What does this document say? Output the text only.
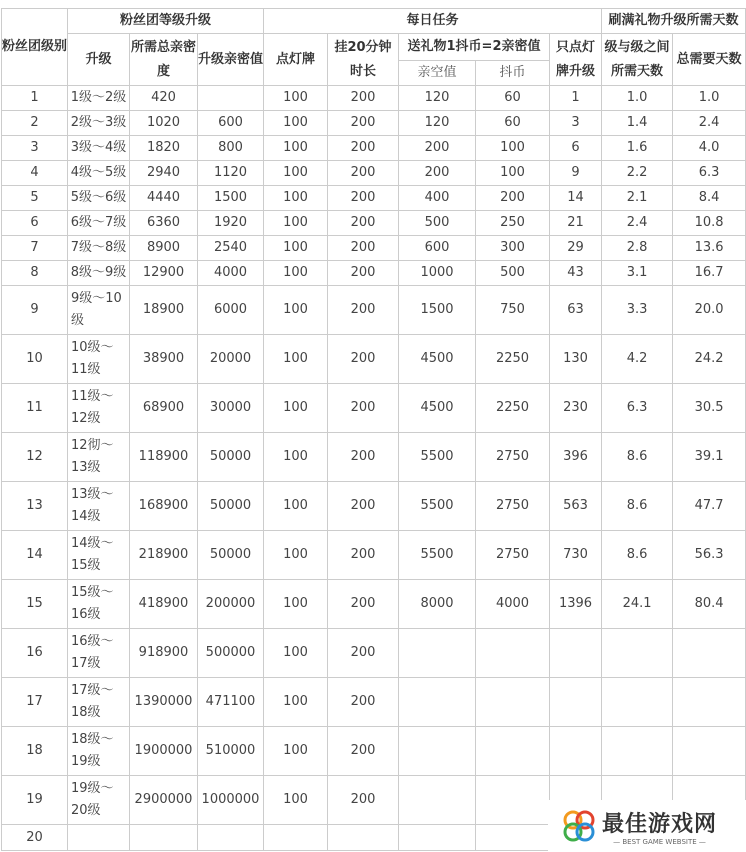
粉丝团级别	粉丝团等级升级			每日任务					刷满礼物升级所需天数	
	升级	所需总亲密度	升级亲密值	点灯牌	挂20分钟时长	送礼物1抖币=2亲密值		只点灯牌升级	级与级之间所需天数	总需要天数
						亲空值	抖币			
1	1级～2级	420		100	200	120	60	1	1.0	1.0
2	2级～3级	1020	600	100	200	120	60	3	1.4	2.4
3	3级～4级	1820	800	100	200	200	100	6	1.6	4.0
4	4级～5级	2940	1120	100	200	200	100	9	2.2	6.3
5	5级～6级	4440	1500	100	200	400	200	14	2.1	8.4
6	6级～7级	6360	1920	100	200	500	250	21	2.4	10.8
7	7级～8级	8900	2540	100	200	600	300	29	2.8	13.6
8	8级～9级	12900	4000	100	200	1000	500	43	3.1	16.7
9	9级～10级	18900	6000	100	200	1500	750	63	3.3	20.0
10	10级～11级	38900	20000	100	200	4500	2250	130	4.2	24.2
11	11级～12级	68900	30000	100	200	4500	2250	230	6.3	30.5
12	12彻～13级	118900	50000	100	200	5500	2750	396	8.6	39.1
13	13级～14级	168900	50000	100	200	5500	2750	563	8.6	47.7
14	14级～15级	218900	50000	100	200	5500	2750	730	8.6	56.3
15	15级～16级	418900	200000	100	200	8000	4000	1396	24.1	80.4
16	16级～17级	918900	500000	100	200					
17	17级～18级	1390000	471100	100	200					
18	18级～19级	1900000	510000	100	200					
19	19级～20级	2900000	1000000	100	200					
20										
最佳游戏网
— BEST GAME WEBSITE —
